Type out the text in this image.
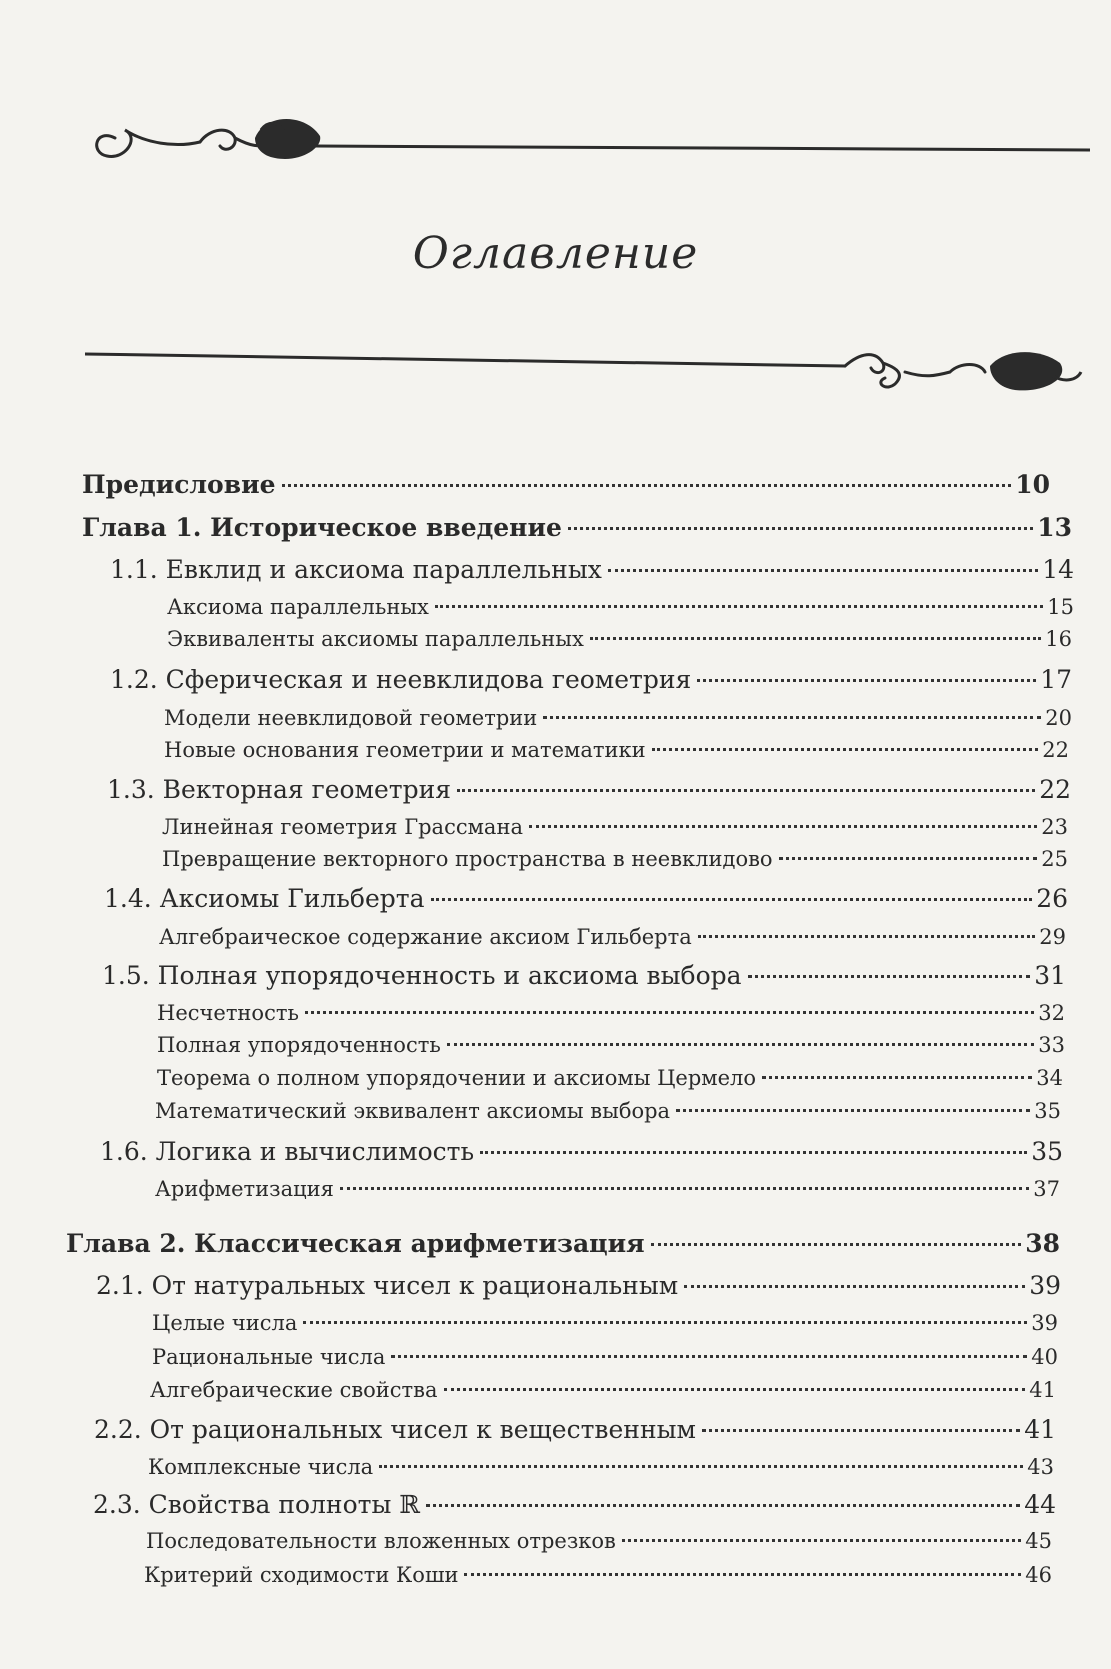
Оглавление
Предисловие	10
Глава 1. Историческое введение	13
1.1. Евклид и аксиома параллельных	14
Аксиома параллельных	15
Эквиваленты аксиомы параллельных	16
1.2. Сферическая и неевклидова геометрия	17
Модели неевклидовой геометрии	20
Новые основания геометрии и математики	22
1.3. Векторная геометрия	22
Линейная геометрия Грассмана	23
Превращение векторного пространства в неевклидово	25
1.4. Аксиомы Гильберта	26
Алгебраическое содержание аксиом Гильберта	29
1.5. Полная упорядоченность и аксиома выбора	31
Несчетность	32
Полная упорядоченность	33
Теорема о полном упорядочении и аксиомы Цермело	34
Математический эквивалент аксиомы выбора	35
1.6. Логика и вычислимость	35
Арифметизация	37
Глава 2. Классическая арифметизация	38
2.1. От натуральных чисел к рациональным	39
Целые числа	39
Рациональные числа	40
Алгебраические свойства	41
2.2. От рациональных чисел к вещественным	41
Комплексные числа	43
2.3. Свойства полноты ℝ	44
Последовательности вложенных отрезков	45
Критерий сходимости Коши	46
